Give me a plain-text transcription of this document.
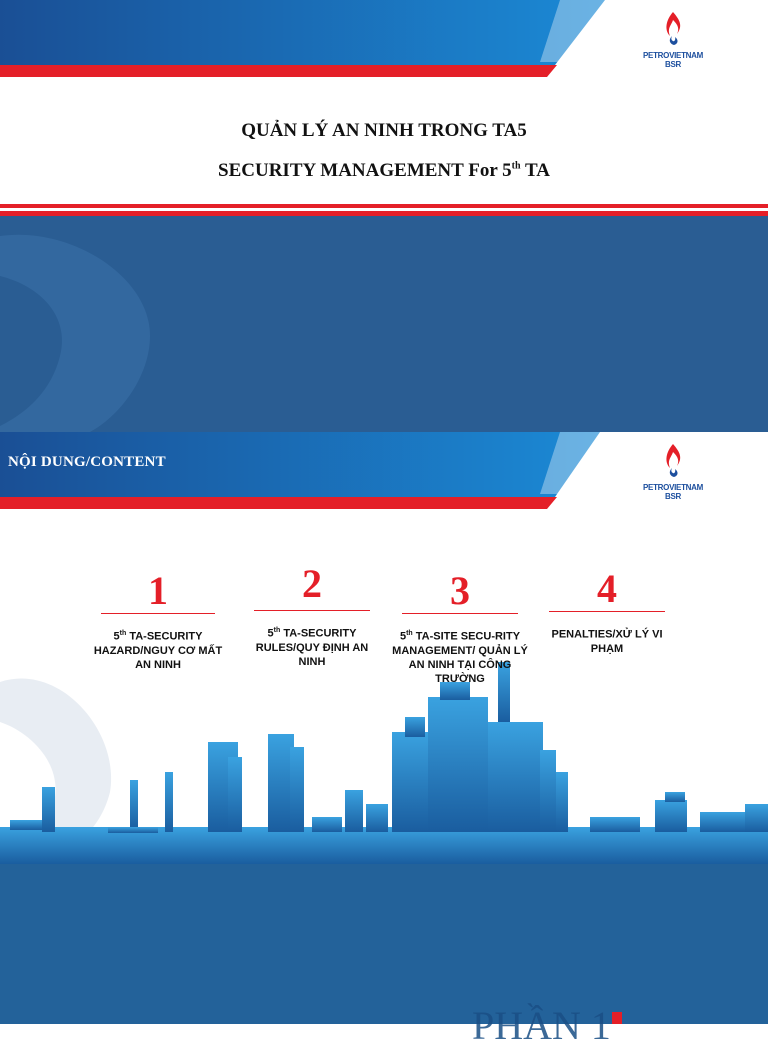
PETROVIETNAM
BSR
QUẢN LÝ AN NINH TRONG TA5
SECURITY MANAGEMENT For 5th TA
NỘI DUNG/CONTENT
PETROVIETNAM
BSR
1
5th TA-SECURITY HAZARD/NGUY CƠ MẤT AN NINH
2
5th TA-SECURITY RULES/QUY ĐỊNH AN NINH
3
5th TA-SITE SECU-RITY MANAGEMENT/ QUẢN LÝ AN NINH TẠI CÔNG TRƯỜNG
4
PENALTIES/XỬ LÝ VI PHẠM
PHẦN 1
